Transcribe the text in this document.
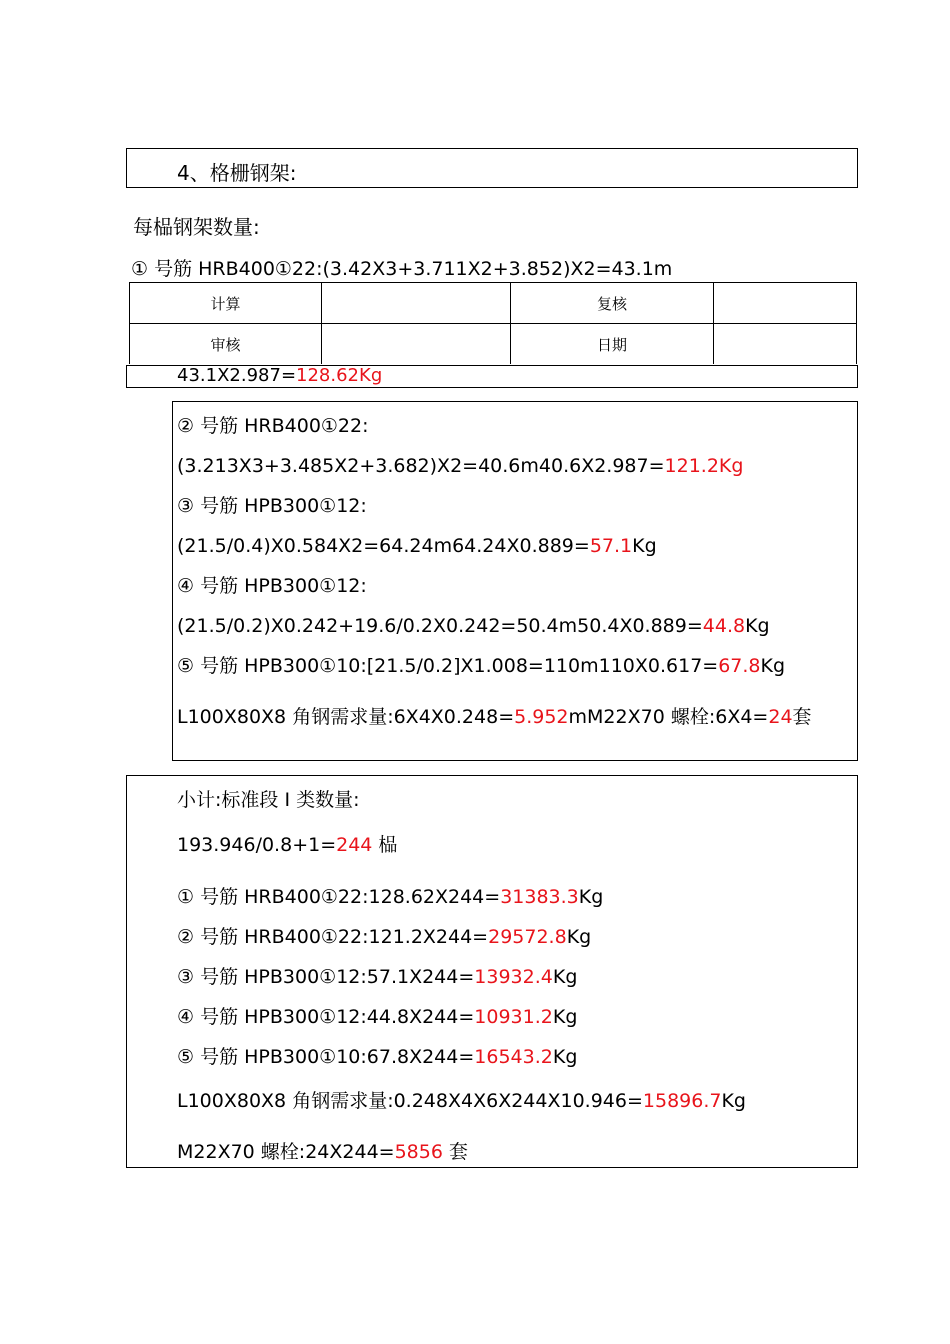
4、格栅钢架:
每榀钢架数量:
① 号筋 HRB400①22:(3.42X3+3.711X2+3.852)X2=43.1m
计算		复核	
审核		日期	
43.1X2.987=128.62Kg
② 号筋 HRB400①22:
(3.213X3+3.485X2+3.682)X2=40.6m40.6X2.987=121.2Kg
③ 号筋 HPB300①12:
(21.5/0.4)X0.584X2=64.24m64.24X0.889=57.1Kg
④ 号筋 HPB300①12:
(21.5/0.2)X0.242+19.6/0.2X0.242=50.4m50.4X0.889=44.8Kg
⑤ 号筋 HPB300①10:[21.5/0.2]X1.008=110m110X0.617=67.8Kg
L100X80X8 角钢需求量:6X4X0.248=5.952mM22X70 螺栓:6X4=24套
小计:标准段 I 类数量:
193.946/0.8+1=244 榀
① 号筋 HRB400①22:128.62X244=31383.3Kg
② 号筋 HRB400①22:121.2X244=29572.8Kg
③ 号筋 HPB300①12:57.1X244=13932.4Kg
④ 号筋 HPB300①12:44.8X244=10931.2Kg
⑤ 号筋 HPB300①10:67.8X244=16543.2Kg
L100X80X8 角钢需求量:0.248X4X6X244X10.946=15896.7Kg
M22X70 螺栓:24X244=5856 套
